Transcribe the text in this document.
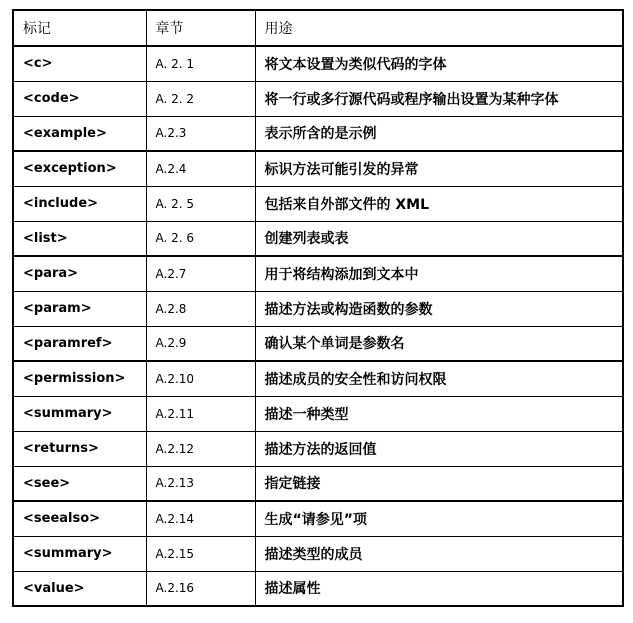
标记	章节	用途
<c>	A. 2. 1	将文本设置为类似代码的字体
<code>	A. 2. 2	将一行或多行源代码或程序输出设置为某种字体
<example>	A.2.3	表示所含的是示例
<exception>	A.2.4	标识方法可能引发的异常
<include>	A. 2. 5	包括来自外部文件的 XML
<list>	A. 2. 6	创建列表或表
<para>	A.2.7	用于将结构添加到文本中
<param>	A.2.8	描述方法或构造函数的参数
<paramref>	A.2.9	确认某个单词是参数名
<permission>	A.2.10	描述成员的安全性和访问权限
<summary>	A.2.11	描述一种类型
<returns>	A.2.12	描述方法的返回值
<see>	A.2.13	指定链接
<seealso>	A.2.14	生成“请参见”项
<summary>	A.2.15	描述类型的成员
<value>	A.2.16	描述属性
